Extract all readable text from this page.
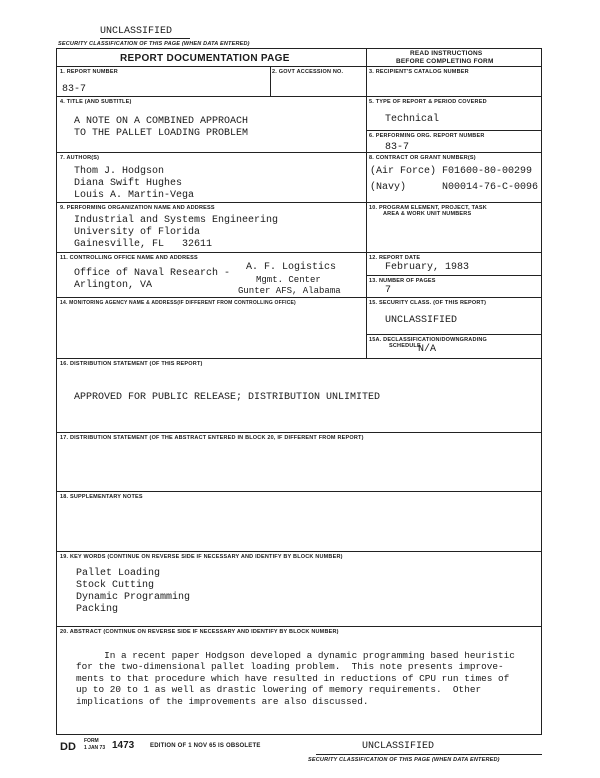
UNCLASSIFIED
SECURITY CLASSIFICATION OF THIS PAGE (WHEN DATA ENTERED)
REPORT DOCUMENTATION PAGE	READ INSTRUCTIONS
BEFORE COMPLETING FORM
1. REPORT NUMBER
83-7
2. GOVT ACCESSION NO.	3. RECIPIENT'S CATALOG NUMBER
4. TITLE (AND SUBTITLE)
A NOTE ON A COMBINED APPROACH
TO THE PALLET LOADING PROBLEM
5. TYPE OF REPORT & PERIOD COVERED
Technical
6. PERFORMING ORG. REPORT NUMBER
83-7
7. AUTHOR(S)
Thom J. Hodgson
Diana Swift Hughes
Louis A. Martin-Vega
8. CONTRACT OR GRANT NUMBER(S)
(Air Force) F01600-80-00299
(Navy)      N00014-76-C-0096
9. PERFORMING ORGANIZATION NAME AND ADDRESS
Industrial and Systems Engineering
University of Florida
Gainesville, FL   32611
10. PROGRAM ELEMENT, PROJECT, TASK
AREA & WORK UNIT NUMBERS
11. CONTROLLING OFFICE NAME AND ADDRESS
Office of Naval Research -
Arlington, VA
A. F. Logistics
Mgmt. Center
Gunter AFS, Alabama
12. REPORT DATE
February, 1983
13. NUMBER OF PAGES
7
14. MONITORING AGENCY NAME & ADDRESS(IF DIFFERENT FROM CONTROLLING OFFICE)	15. SECURITY CLASS. (OF THIS REPORT)
UNCLASSIFIED
15A. DECLASSIFICATION/DOWNGRADING
SCHEDULE
N/A
16. DISTRIBUTION STATEMENT (OF THIS REPORT)
APPROVED FOR PUBLIC RELEASE; DISTRIBUTION UNLIMITED
17. DISTRIBUTION STATEMENT (OF THE ABSTRACT ENTERED IN BLOCK 20, IF DIFFERENT FROM REPORT)
18. SUPPLEMENTARY NOTES
19. KEY WORDS (CONTINUE ON REVERSE SIDE IF NECESSARY AND IDENTIFY BY BLOCK NUMBER)
Pallet Loading
Stock Cutting
Dynamic Programming
Packing
20. ABSTRACT (CONTINUE ON REVERSE SIDE IF NECESSARY AND IDENTIFY BY BLOCK NUMBER)

In a recent paper Hodgson developed a dynamic programming based heuristic
for the two-dimensional pallet loading problem.  This note presents improve-
ments to that procedure which have resulted in reductions of CPU run times of
up to 20 to 1 as well as drastic lowering of memory requirements.  Other
implications of the improvements are also discussed.

DD FORM
1 JAN 73 1473	EDITION OF 1 NOV 65 IS OBSOLETE	UNCLASSIFIED
SECURITY CLASSIFICATION OF THIS PAGE (WHEN DATA ENTERED)
